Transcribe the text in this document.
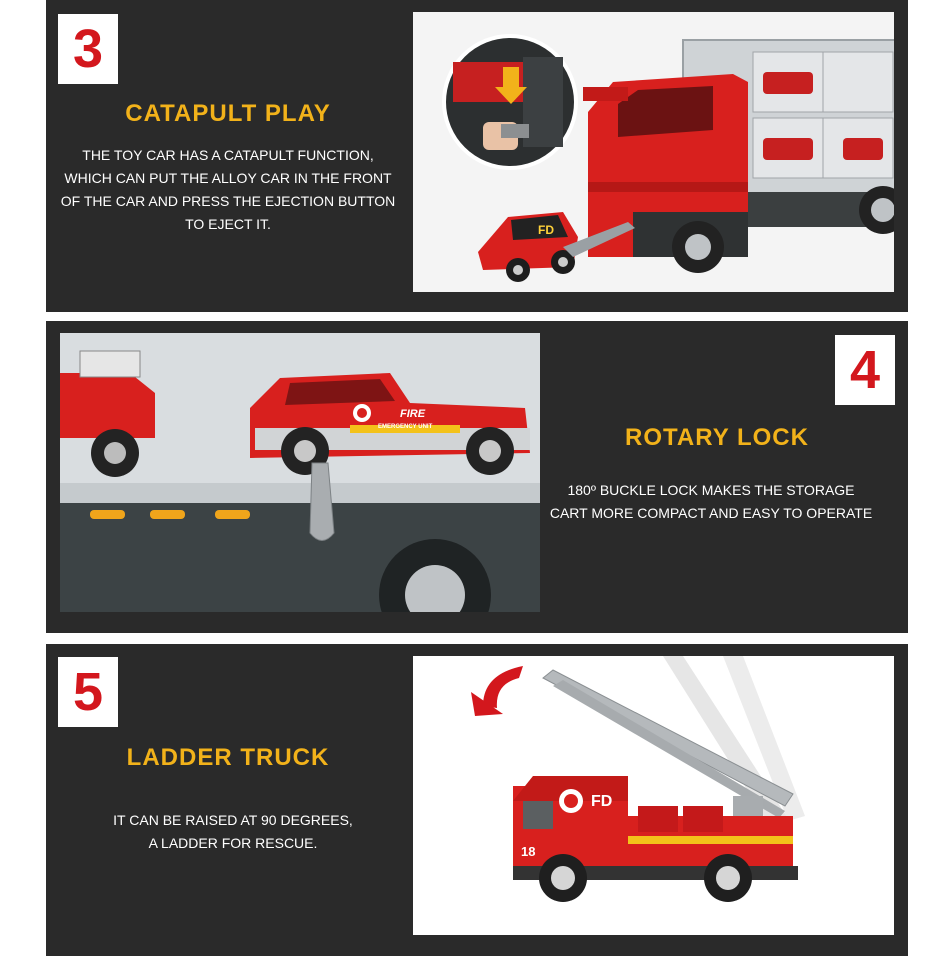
3
CATAPULT PLAY
THE TOY CAR HAS A CATAPULT FUNCTION,
WHICH CAN PUT THE ALLOY CAR IN THE FRONT
OF THE CAR AND PRESS THE EJECTION BUTTON
TO EJECT IT.	FD
FIRE
EMERGENCY UNIT
4
ROTARY LOCK
180º BUCKLE LOCK MAKES THE STORAGE
CART MORE COMPACT AND EASY TO OPERATE
5
LADDER TRUCK
IT CAN BE RAISED AT 90 DEGREES,
A LADDER FOR RESCUE.
FD
18
